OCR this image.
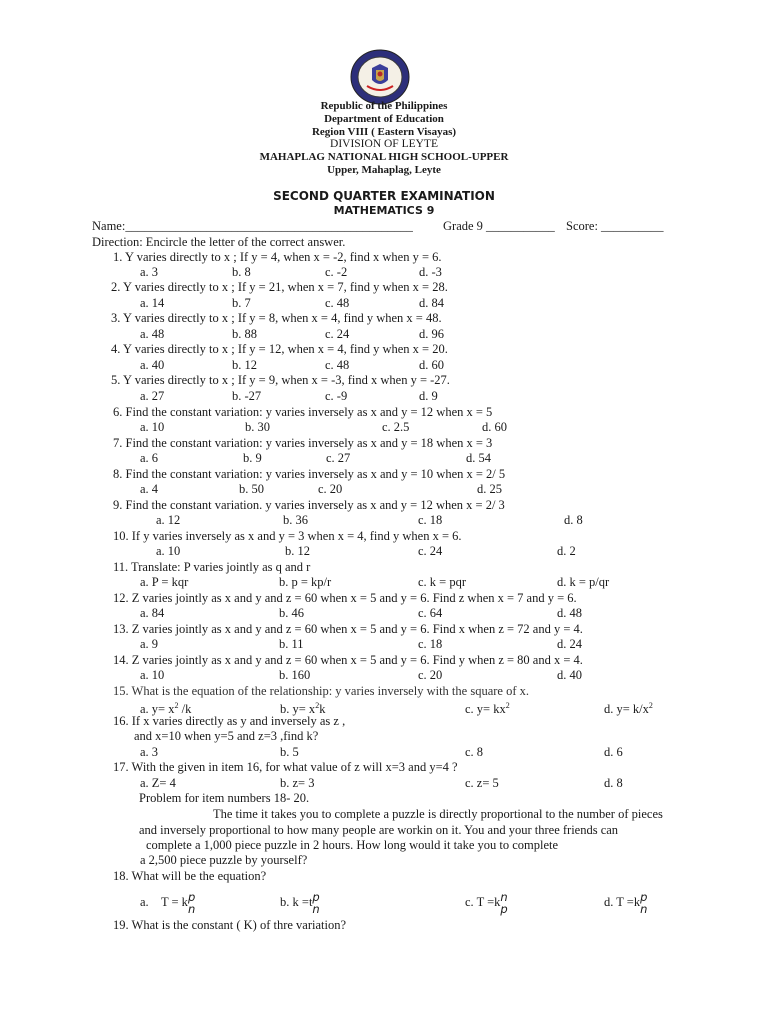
Republic of the Philippines
Department of Education
Region VIII ( Eastern Visayas)
DIVISION OF LEYTE
MAHAPLAG NATIONAL HIGH SCHOOL-UPPER
Upper, Mahaplag, Leyte
SECOND QUARTER EXAMINATION
MATHEMATICS 9
Name:______________________________________________ Grade 9 ___________ Score: __________
Direction: Encircle the letter of the correct answer.
1. Y varies directly to x ; If y = 4, when x = -2, find x when y = 6.
a. 3	b. 8	c. -2	d. -3
2. Y varies directly to x ; If y = 21, when x = 7, find y when x = 28.
a. 14	b. 7	c. 48	d. 84
3. Y varies directly to x ; If y = 8, when x = 4, find y when x = 48.
a. 48	b. 88	c. 24	d. 96
4. Y varies directly to x ; If y = 12, when x = 4, find y when x = 20.
a. 40	b. 12	c. 48	d. 60
5. Y varies directly to x ; If y = 9, when x = -3, find x when y = -27.
a. 27	b. -27	c. -9	d. 9
6. Find the constant variation: y varies inversely as x and y = 12 when x = 5
a. 10	b. 30	c. 2.5	d. 60
7. Find the constant variation: y varies inversely as x and y = 18 when x = 3
a. 6	b. 9	c. 27	d. 54
8. Find the constant variation: y varies inversely as x and y = 10 when x = 2/ 5
a. 4	b. 50	c. 20	d. 25
9. Find the constant variation. y varies inversely as x and y = 12 when x = 2/ 3
a. 12	b. 36	c. 18	d. 8
10. If y varies inversely as x and y = 3 when x = 4, find y when x = 6.
a. 10	b. 12	c. 24	d. 2
11. Translate: P varies jointly as q and r
a. P = kqr	b. p = kp/r	c. k = pqr	d. k = p/qr
12. Z varies jointly as x and y and z = 60 when x = 5 and y = 6. Find z when x = 7 and y = 6.
a. 84	b. 46	c. 64	d. 48
13. Z varies jointly as x and y and z = 60 when x = 5 and y = 6. Find x when z = 72 and y = 4.
a. 9	b. 11	c. 18	d. 24
14. Z varies jointly as x and y and z = 60 when x = 5 and y = 6. Find y when z = 80 and x = 4.
a. 10	b. 160	c. 20	d. 40
15. What is the equation of the relationship: y varies inversely with the square of x.
a. $y= x^2$ /k	b. $y= x^2k$	c. $y= kx^2$	d. $y= k/x^2$
16. If x varies directly as y and inversely as z ,
and x=10 when y=5 and z=3 ,find k?
a. 3	b. 5	c. 8	d. 6
17. With the given in item 16, for what value of z will x=3 and y=4 ?
a. Z= 4	b. z= 3	c. z= 5	d. 8
Problem for item numbers 18- 20.
The time it takes you to complete a puzzle is directly proportional to the number of pieces
and inversely proportional to how many people are workin on it. You and your three friends can
complete a 1,000 piece puzzle in 2 hours. How long would it take you to complete
a 2,500 piece puzzle by yourself?
18. What will be the equation?
a. T = k p
n
b. k =t p
n
c. T =k n
p
d. T =k p
n
19. What is the constant ( K) of thre variation?
